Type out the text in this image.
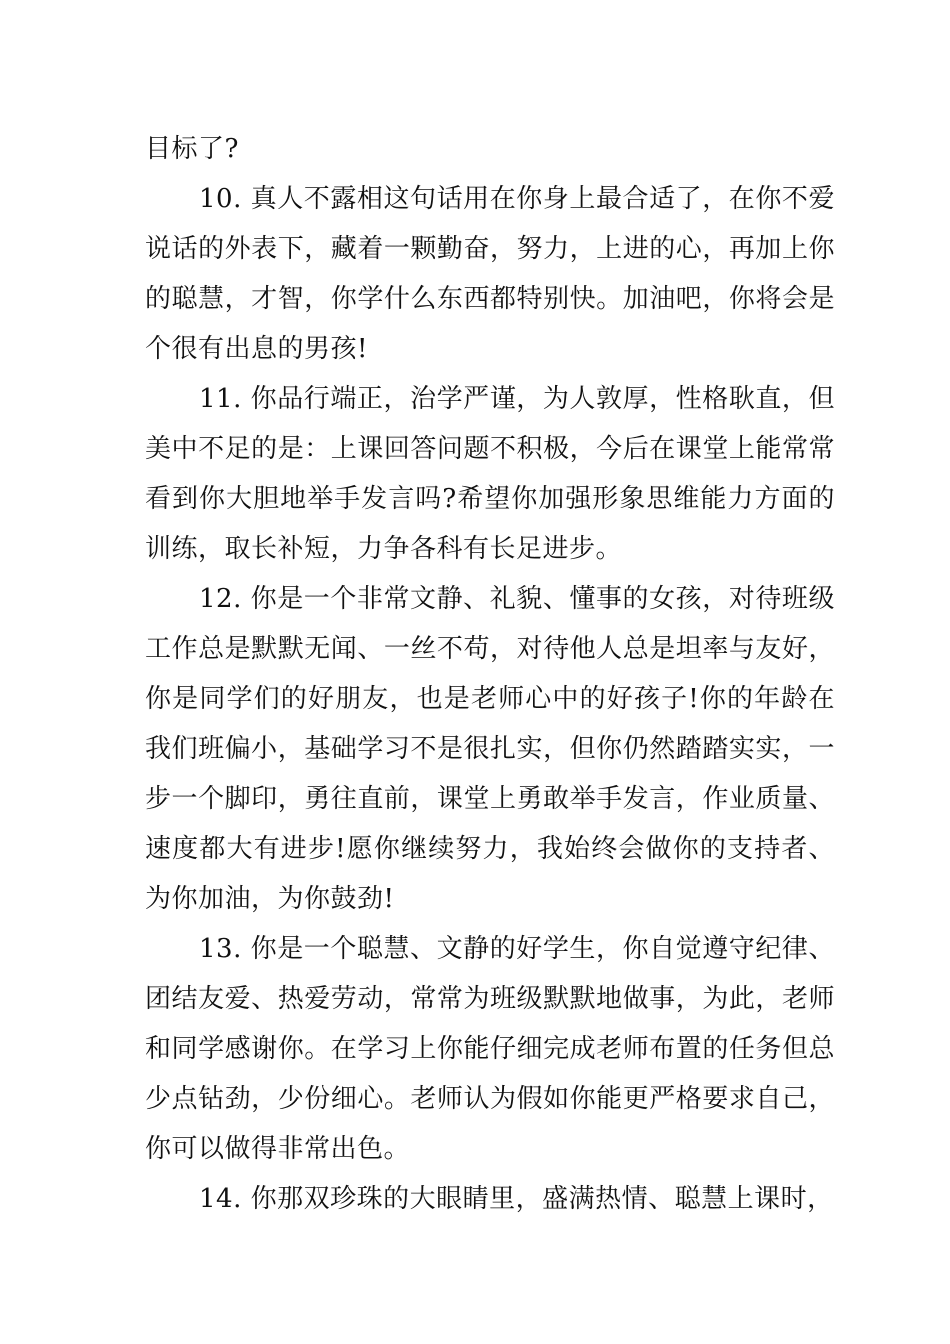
目标了?

10. 真人不露相这句话用在你身上最合适了，在你不爱说话的外表下，藏着一颗勤奋，努力，上进的心，再加上你的聪慧，才智，你学什么东西都特别快。加油吧，你将会是个很有出息的男孩!

11. 你品行端正，治学严谨，为人敦厚，性格耿直，但美中不足的是：上课回答问题不积极，今后在课堂上能常常看到你大胆地举手发言吗?希望你加强形象思维能力方面的训练，取长补短，力争各科有长足进步。

12. 你是一个非常文静、礼貌、懂事的女孩，对待班级工作总是默默无闻、一丝不苟，对待他人总是坦率与友好，你是同学们的好朋友，也是老师心中的好孩子!你的年龄在我们班偏小，基础学习不是很扎实，但你仍然踏踏实实，一步一个脚印，勇往直前，课堂上勇敢举手发言，作业质量、速度都大有进步!愿你继续努力，我始终会做你的支持者、为你加油，为你鼓劲!

13. 你是一个聪慧、文静的好学生，你自觉遵守纪律、团结友爱、热爱劳动，常常为班级默默地做事，为此，老师和同学感谢你。在学习上你能仔细完成老师布置的任务但总少点钻劲，少份细心。老师认为假如你能更严格要求自己，你可以做得非常出色。

14. 你那双珍珠的大眼睛里，盛满热情、聪慧上课时，
